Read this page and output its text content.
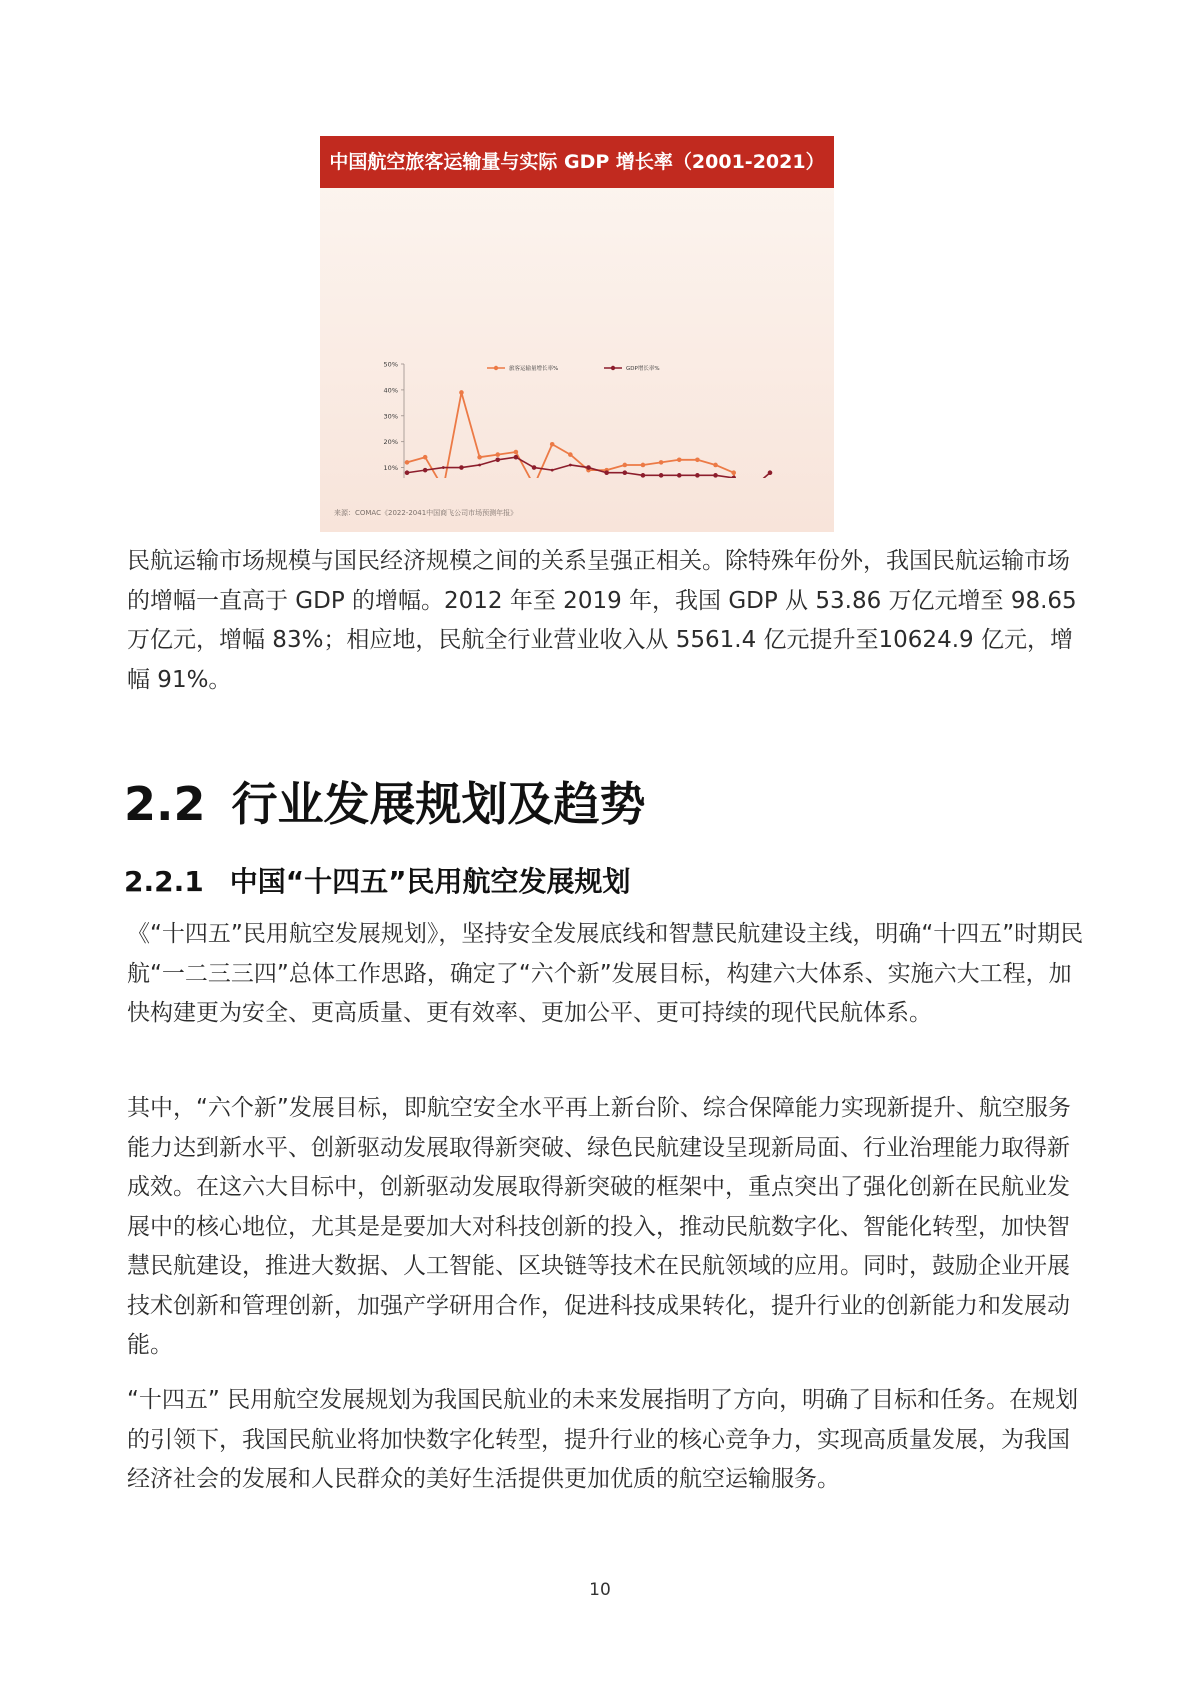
中国航空旅客运输量与实际 GDP 增长率（2001-2021）
50%
40%
30%
20%
10%
旅客运输量增长率%	GDP增长率%
来源：COMAC《2022-2041中国商飞公司市场预测年报》

民航运输市场规模与国民经济规模之间的关系呈强正相关。除特殊年份外，我国民航运输市场的增幅一直高于 GDP 的增幅。2012 年至 2019 年，我国 GDP 从 53.86 万亿元增至 98.65 万亿元，增幅 83%；相应地，民航全行业营业收入从 5561.4 亿元提升至10624.9 亿元，增幅 91%。

2.2 行业发展规划及趋势
2.2.1 中国“十四五”民用航空发展规划

《“十四五”民用航空发展规划》，坚持安全发展底线和智慧民航建设主线，明确“十四五”时期民航“一二三三四”总体工作思路，确定了“六个新”发展目标，构建六大体系、实施六大工程，加快构建更为安全、更高质量、更有效率、更加公平、更可持续的现代民航体系。

其中，“六个新”发展目标，即航空安全水平再上新台阶、综合保障能力实现新提升、航空服务能力达到新水平、创新驱动发展取得新突破、绿色民航建设呈现新局面、行业治理能力取得新成效。在这六大目标中，创新驱动发展取得新突破的框架中，重点突出了强化创新在民航业发展中的核心地位，尤其是是要加大对科技创新的投入，推动民航数字化、智能化转型，加快智慧民航建设，推进大数据、人工智能、区块链等技术在民航领域的应用。同时，鼓励企业开展技术创新和管理创新，加强产学研用合作，促进科技成果转化，提升行业的创新能力和发展动能。

“十四五” 民用航空发展规划为我国民航业的未来发展指明了方向，明确了目标和任务。在规划的引领下，我国民航业将加快数字化转型，提升行业的核心竞争力，实现高质量发展，为我国经济社会的发展和人民群众的美好生活提供更加优质的航空运输服务。

10
